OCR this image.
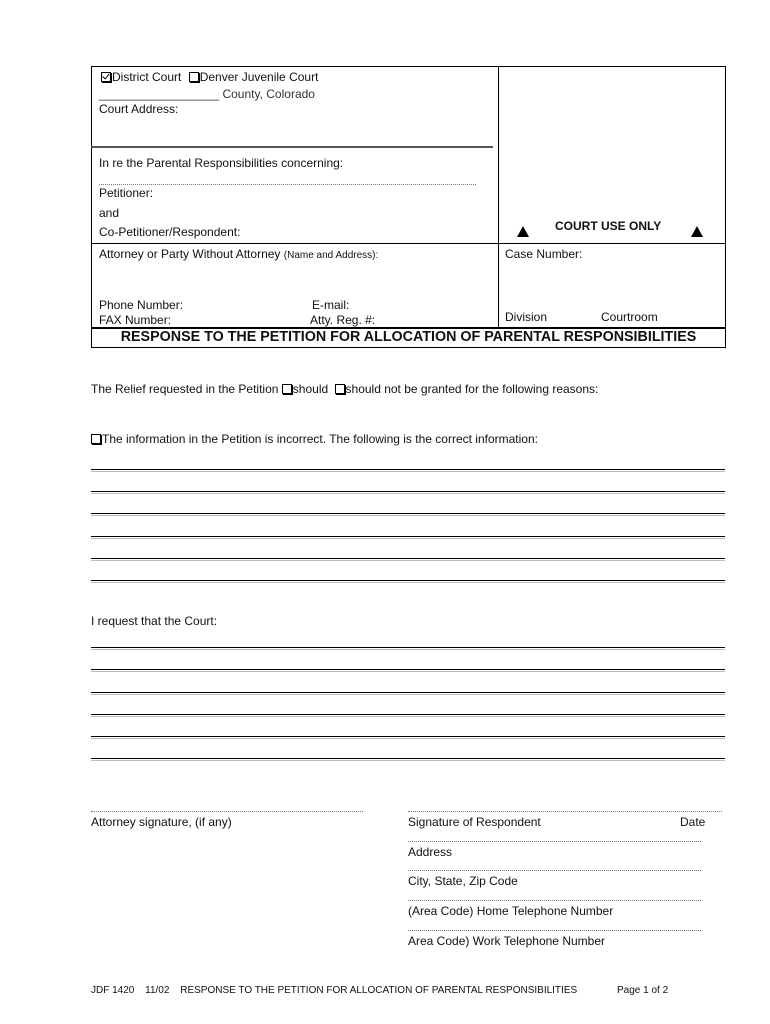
District Court Denver Juvenile Court
__________________ County, Colorado
Court Address:
In re the Parental Responsibilities concerning:
Petitioner:
and
Co-Petitioner/Respondent:	COURT USE ONLY
Attorney or Party Without Attorney (Name and Address):	Case Number:
Phone Number:	E-mail:
FAX Number:	Atty. Reg. #:	Division	Courtroom
RESPONSE TO THE PETITION FOR ALLOCATION OF PARENTAL RESPONSIBILITIES
The Relief requested in the Petition should should not be granted for the following reasons:
The information in the Petition is incorrect. The following is the correct information:
I request that the Court:
Attorney signature, (if any)	Signature of Respondent	Date
Address
City, State, Zip Code
(Area Code) Home Telephone Number
Area Code) Work Telephone Number
JDF 1420 11/02 RESPONSE TO THE PETITION FOR ALLOCATION OF PARENTAL RESPONSIBILITIES	Page 1 of 2
